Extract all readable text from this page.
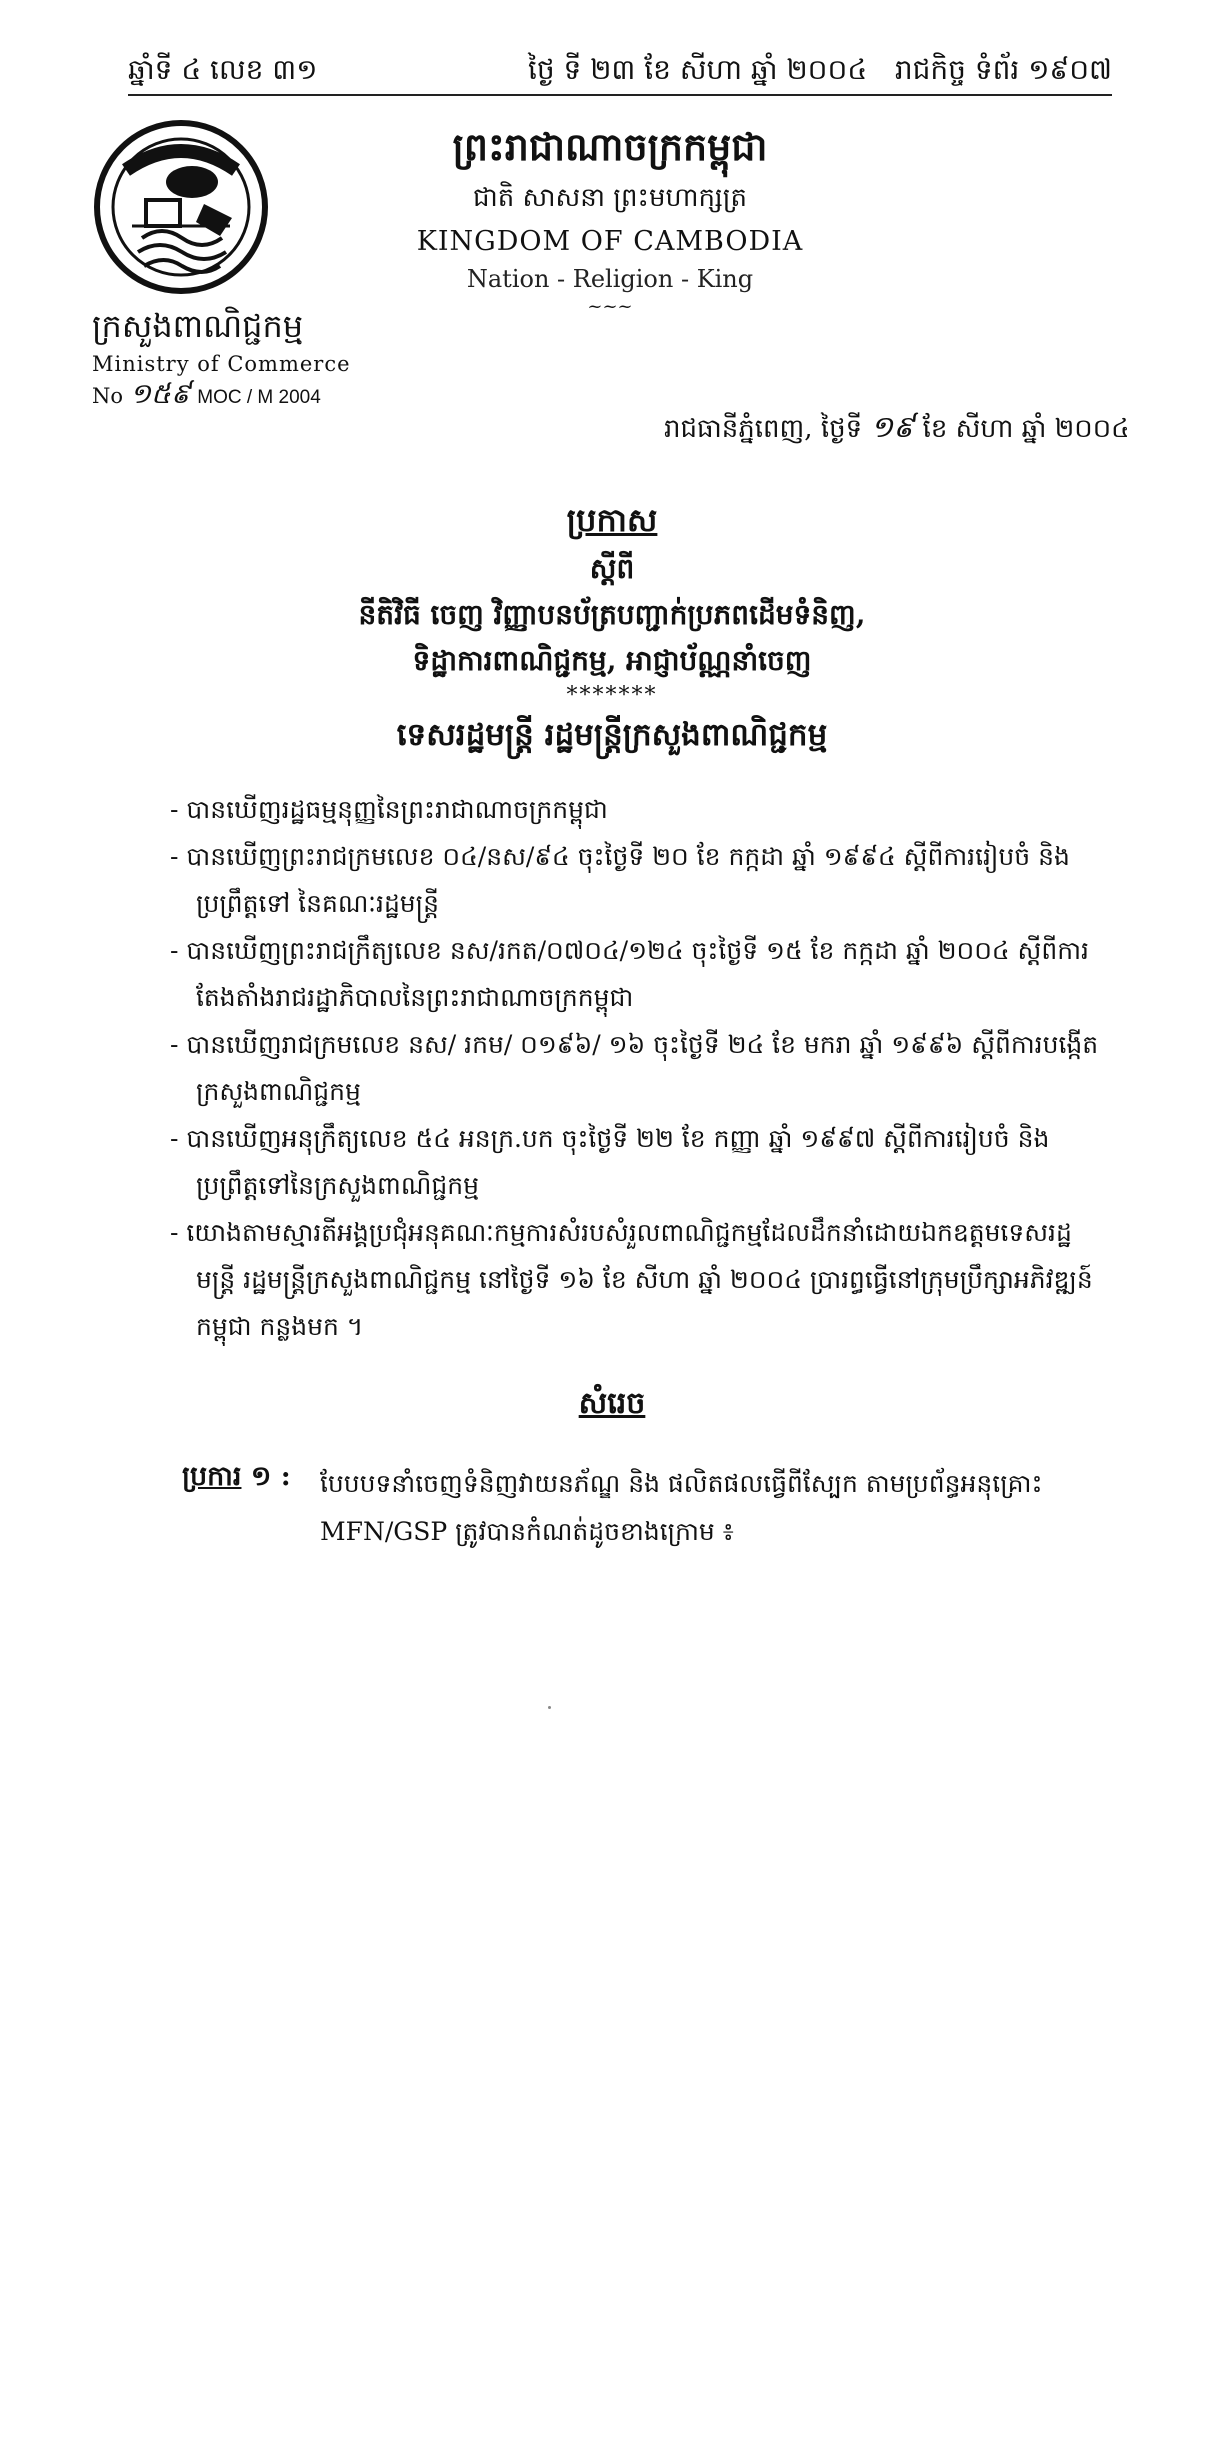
ឆ្នាំទី ៤ លេខ ៣១	ថ្ងៃ ទី ២៣ ខែ សីហា ឆ្នាំ ២០០៤ រាជកិច្ច ទំព័រ ១៩០៧
ក្រសួងពាណិជ្ជកម្ម
Ministry of Commerce
No ១៥៩ MOC / M 2004
ព្រះរាជាណាចក្រកម្ពុជា
ជាតិ សាសនា ព្រះមហាក្សត្រ
KINGDOM OF CAMBODIA
Nation - Religion - King
~~~
រាជធានីភ្នំពេញ, ថ្ងៃទី ១៩ ខែ សីហា ឆ្នាំ ២០០៤
ប្រកាស
ស្តីពី
នីតិវិធី ចេញ វិញ្ញាបនប័ត្របញ្ជាក់ប្រភពដើមទំនិញ,
ទិដ្ឋាការពាណិជ្ជកម្ម, អាជ្ញាប័ណ្ណនាំចេញ
*******
ទេសរដ្ឋមន្ត្រី រដ្ឋមន្ត្រីក្រសួងពាណិជ្ជកម្ម
- បានឃើញរដ្ឋធម្មនុញ្ញនៃព្រះរាជាណាចក្រកម្ពុជា
- បានឃើញព្រះរាជក្រមលេខ ០៤/នស/៩៤ ចុះថ្ងៃទី ២០ ខែ កក្កដា ឆ្នាំ ១៩៩៤ ស្តីពីការរៀបចំ និង ប្រព្រឹត្តទៅ នៃគណៈរដ្ឋមន្ត្រី
- បានឃើញព្រះរាជក្រឹត្យលេខ នស/រកត/០៧០៤/១២៤ ចុះថ្ងៃទី ១៥ ខែ កក្កដា ឆ្នាំ ២០០៤ ស្តីពីការតែងតាំងរាជរដ្ឋាភិបាលនៃព្រះរាជាណាចក្រកម្ពុជា
- បានឃើញរាជក្រមលេខ នស/ រកម/ ០១៩៦/ ១៦ ចុះថ្ងៃទី ២៤ ខែ មករា ឆ្នាំ ១៩៩៦ ស្តីពីការបង្កើតក្រសួងពាណិជ្ជកម្ម
- បានឃើញអនុក្រឹត្យលេខ ៥៤ អនក្រ.បក ចុះថ្ងៃទី ២២ ខែ កញ្ញា ឆ្នាំ ១៩៩៧ ស្តីពីការរៀបចំ និង ប្រព្រឹត្តទៅនៃក្រសួងពាណិជ្ជកម្ម
- យោងតាមស្មារតីអង្គប្រជុំអនុគណៈកម្មការសំរបសំរួលពាណិជ្ជកម្មដែលដឹកនាំដោយឯកឧត្តមទេសរដ្ឋមន្ត្រី រដ្ឋមន្ត្រីក្រសួងពាណិជ្ជកម្ម នៅថ្ងៃទី ១៦ ខែ សីហា ឆ្នាំ ២០០៤ ប្រារព្ធធ្វើនៅក្រុមប្រឹក្សាអភិវឌ្ឍន៍កម្ពុជា កន្លងមក ។
សំរេច
ប្រការ ១ : បែបបទនាំចេញទំនិញវាយនភ័ណ្ឌ និង ផលិតផលធ្វើពីស្បែក តាមប្រព័ន្ធអនុគ្រោះ MFN/GSP ត្រូវបានកំណត់ដូចខាងក្រោម ៖
